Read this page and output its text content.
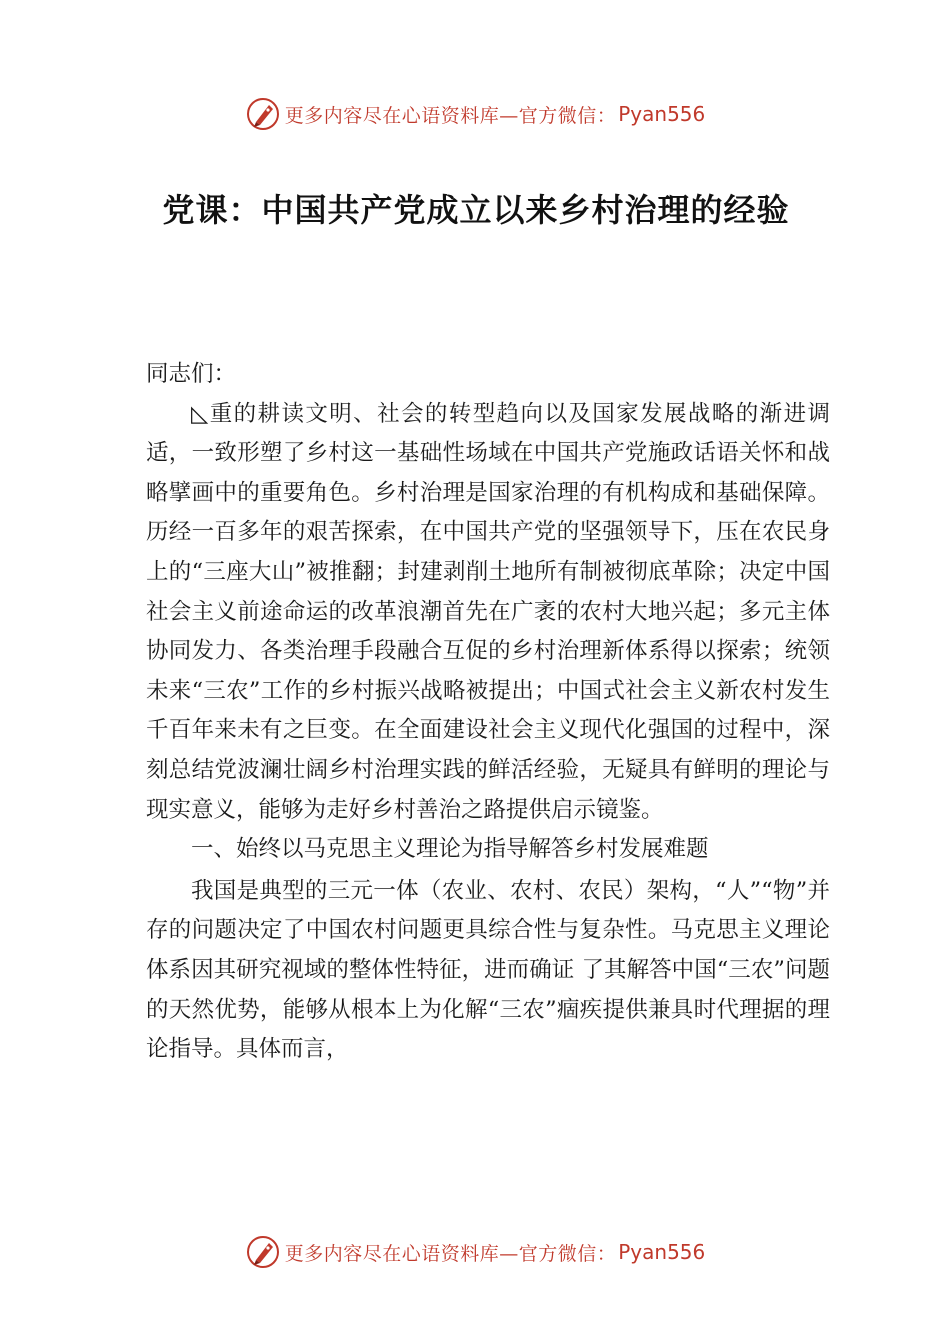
更多内容尽在心语资料库—官方微信： Pyan556
党课：中国共产党成立以来乡村治理的经验

同志们：

◺重的耕读文明、社会的转型趋向以及国家发展战略的渐进调适，一致形塑了乡村这一基础性场域在中国共产党施政话语关怀和战略擘画中的重要角色。乡村治理是国家治理的有机构成和基础保障。历经一百多年的艰苦探索，在中国共产党的坚强领导下，压在农民身上的“三座大山”被推翻；封建剥削土地所有制被彻底革除；决定中国社会主义前途命运的改革浪潮首先在广袤的农村大地兴起；多元主体协同发力、各类治理手段融合互促的乡村治理新体系得以探索；统领未来“三农”工作的乡村振兴战略被提出；中国式社会主义新农村发生千百年来未有之巨变。在全面建设社会主义现代化强国的过程中，深刻总结党波澜壮阔乡村治理实践的鲜活经验，无疑具有鲜明的理论与现实意义，能够为走好乡村善治之路提供启示镜鉴。

一、始终以马克思主义理论为指导解答乡村发展难题

我国是典型的三元一体（农业、农村、农民）架构，“人”“物”并存的问题决定了中国农村问题更具综合性与复杂性。马克思主义理论体系因其研究视域的整体性特征，进而确证 了其解答中国“三农”问题的天然优势，能够从根本上为化解“三农”痼疾提供兼具时代理据的理论指导。具体而言，

更多内容尽在心语资料库—官方微信： Pyan556
